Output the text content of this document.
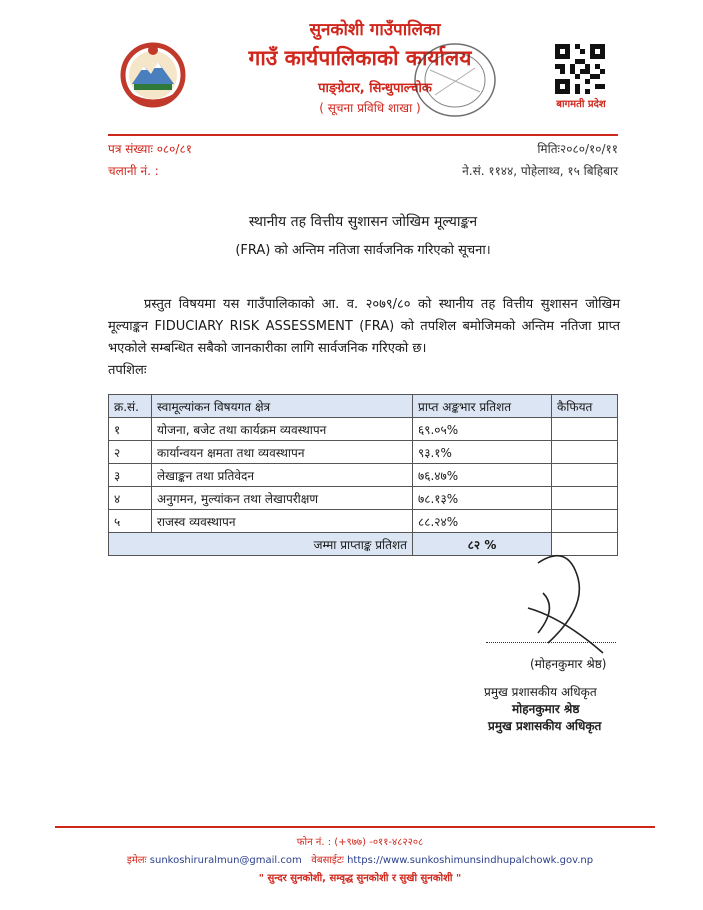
सुनकोशी गाउँपालिका
गाउँ कार्यपालिकाको कार्यालय
पाङ्ग्रेटार, सिन्धुपाल्चोक
( सूचना प्रविधि शाखा )	बागमती प्रदेश
पत्र संख्याः ०८०/८१
चलानी नं. :
मितिः२०८०/१०/११
ने.सं. ११४४, पोहेलाथ्व, १५ बिहिबार
स्थानीय तह वित्तीय सुशासन जोखिम मूल्याङ्कन
(FRA) को अन्तिम नतिजा सार्वजनिक गरिएको सूचना।
प्रस्तुत विषयमा यस गाउँपालिकाको आ. व. २०७९/८० को स्थानीय तह वित्तीय सुशासन जोखिम मूल्याङ्कन FIDUCIARY RISK ASSESSMENT (FRA) को तपशिल बमोजिमको अन्तिम नतिजा प्राप्त भएकोले सम्बन्धित सबैको जानकारीका लागि सार्वजनिक गरिएको छ।
तपशिलः
क्र.सं.	स्वामूल्यांकन विषयगत क्षेत्र	प्राप्त अङ्कभार प्रतिशत	कैफियत
१	योजना, बजेट तथा कार्यक्रम व्यवस्थापन	६९.०५%	
२	कार्यान्वयन क्षमता तथा व्यवस्थापन	९३.१%	
३	लेखाङ्कन तथा प्रतिवेदन	७६.४७%	
४	अनुगमन, मुल्यांकन तथा लेखापरीक्षण	७८.१३%	
५	राजस्व व्यवस्थापन	८८.२४%	
जम्मा प्राप्ताङ्क प्रतिशत		८२ %	
(मोहनकुमार श्रेष्ठ)
प्रमुख प्रशासकीय अधिकृत
मोहनकुमार श्रेष्ठ
प्रमुख प्रशासकीय अधिकृत
फोन नं. : (+९७७) -०११-४८२२०८
इमेलः sunkoshiruralmun@gmail.com वेबसाईटः https://www.sunkoshimunsindhupalchowk.gov.np
" सुन्दर सुनकोशी, सम्वृद्ध सुनकोशी र सुखी सुनकोशी "
